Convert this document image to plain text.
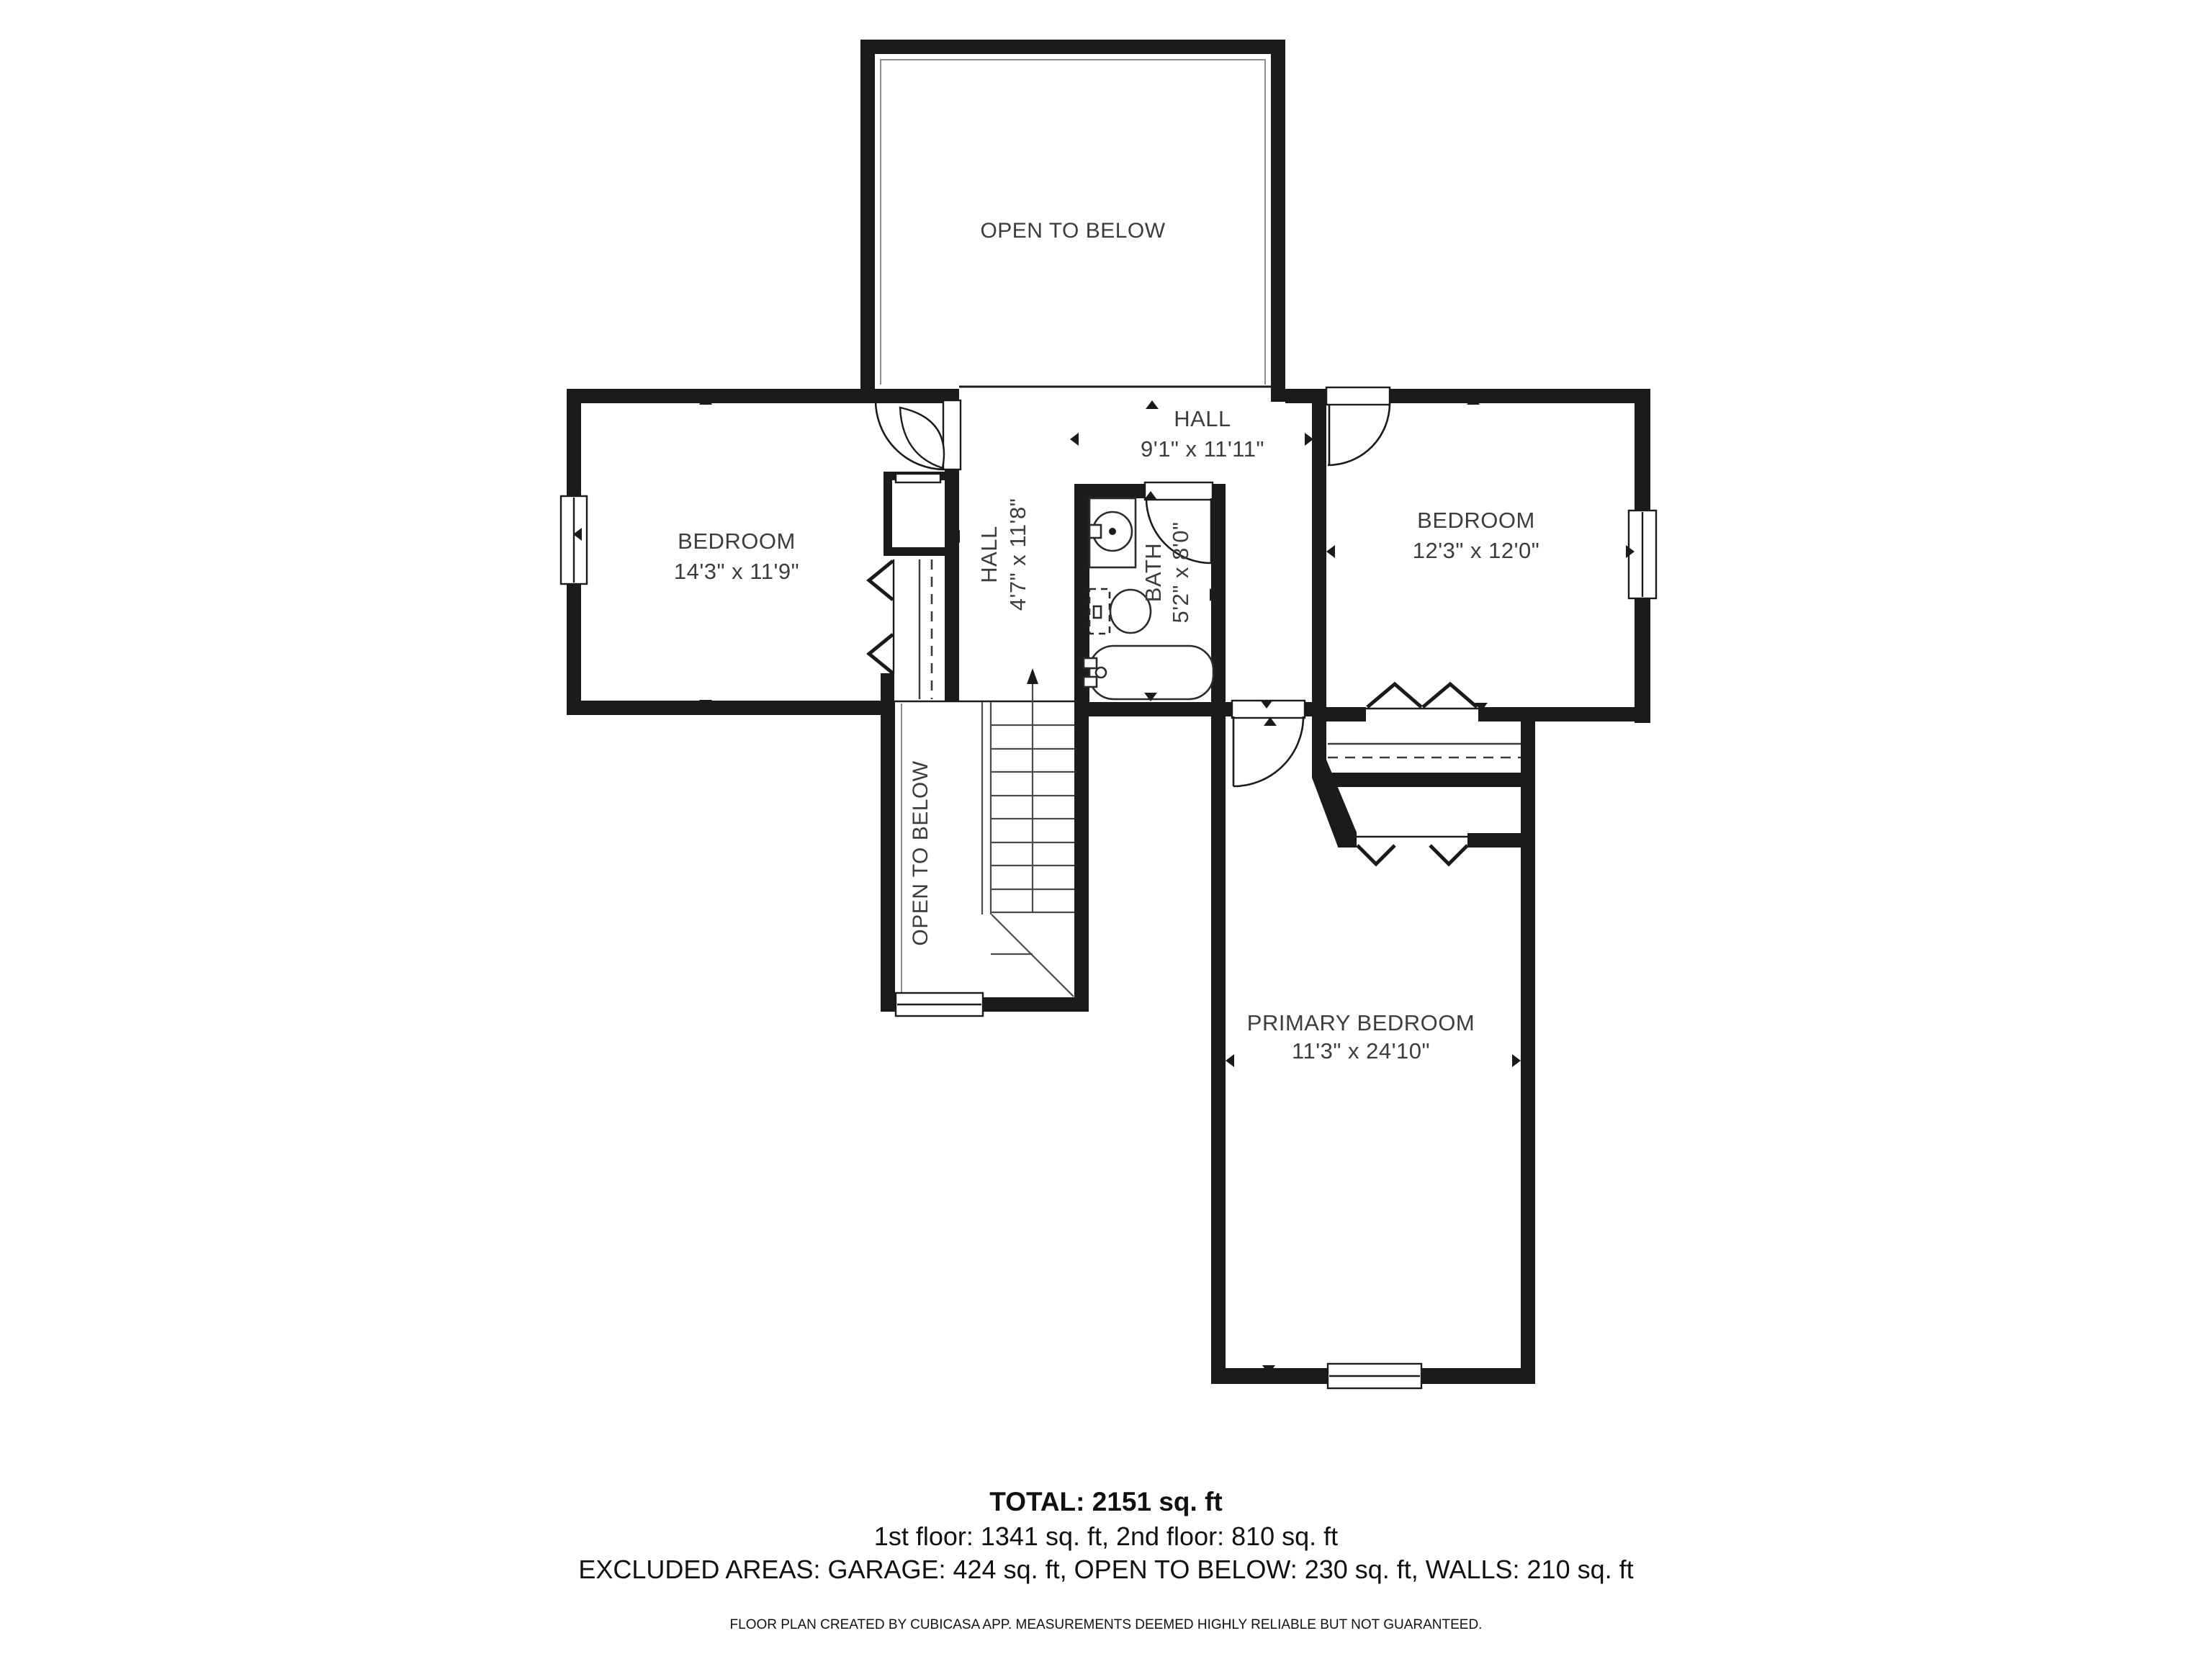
OPEN TO BELOW
BEDROOM
14'3" x 11'9"
HALL
9'1" x 11'11"
HALL 4'7" x 11'8"	BATH 5'2" x 8'0"
BEDROOM
12'3" x 12'0"
OPEN TO BELOW
PRIMARY BEDROOM
11'3" x 24'10"
TOTAL: 2151 sq. ft
1st floor: 1341 sq. ft, 2nd floor: 810 sq. ft
EXCLUDED AREAS: GARAGE: 424 sq. ft, OPEN TO BELOW: 230 sq. ft, WALLS: 210 sq. ft
FLOOR PLAN CREATED BY CUBICASA APP. MEASUREMENTS DEEMED HIGHLY RELIABLE BUT NOT GUARANTEED.
